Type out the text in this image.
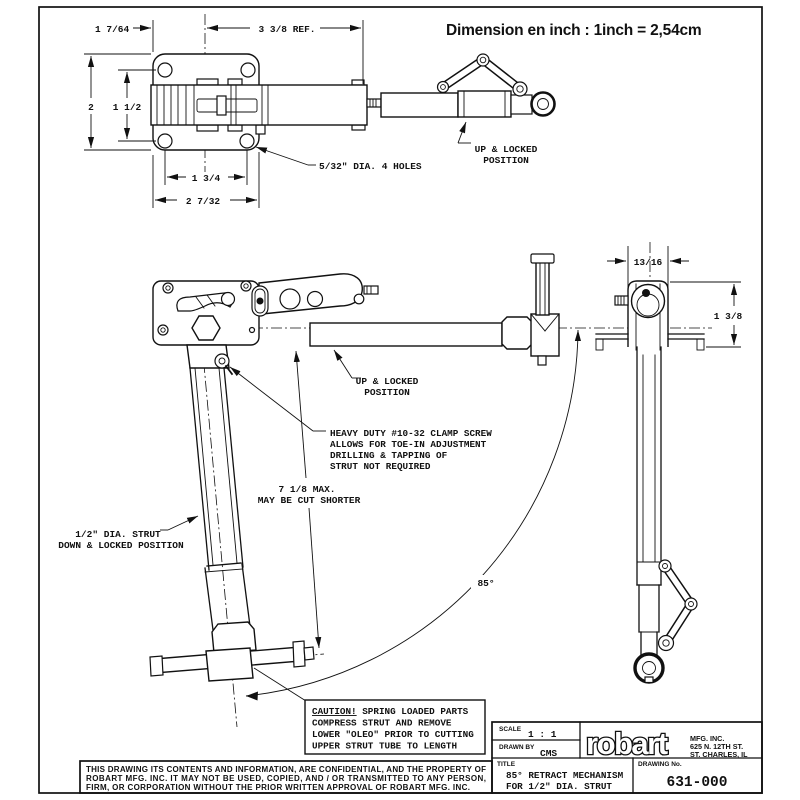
Dimension en inch : 1inch = 2,54cm
1 7/64	3 3/8 REF.
2 1 1/2
1 3/4
2 7/32
5/32" DIA. 4 HOLES
UP & LOCKED
POSITION
85°
UP & LOCKED
POSITION
HEAVY DUTY #10-32 CLAMP SCREW
ALLOWS FOR TOE-IN ADJUSTMENT
DRILLING & TAPPING OF
STRUT NOT REQUIRED
7 1/8 MAX.
MAY BE CUT SHORTER
1/2" DIA. STRUT
DOWN & LOCKED POSITION
13/16
1 3/8
CAUTION! SPRING LOADED PARTS
COMPRESS STRUT AND REMOVE
LOWER "OLEO" PRIOR TO CUTTING
UPPER STRUT TUBE TO LENGTH
SCALE 1 : 1
DRAWN BY
CMS robart	MFG. INC.
625 N. 12TH ST.
ST. CHARLES, IL
TITLE
85° RETRACT MECHANISM
FOR 1/2" DIA. STRUT
DRAWING No.
631-000
THIS DRAWING ITS CONTENTS AND INFORMATION, ARE CONFIDENTIAL, AND THE PROPERTY OF
ROBART MFG. INC. IT MAY NOT BE USED, COPIED, AND / OR TRANSMITTED TO ANY PERSON,
FIRM, OR CORPORATION WITHOUT THE PRIOR WRITTEN APPROVAL OF ROBART MFG. INC.
